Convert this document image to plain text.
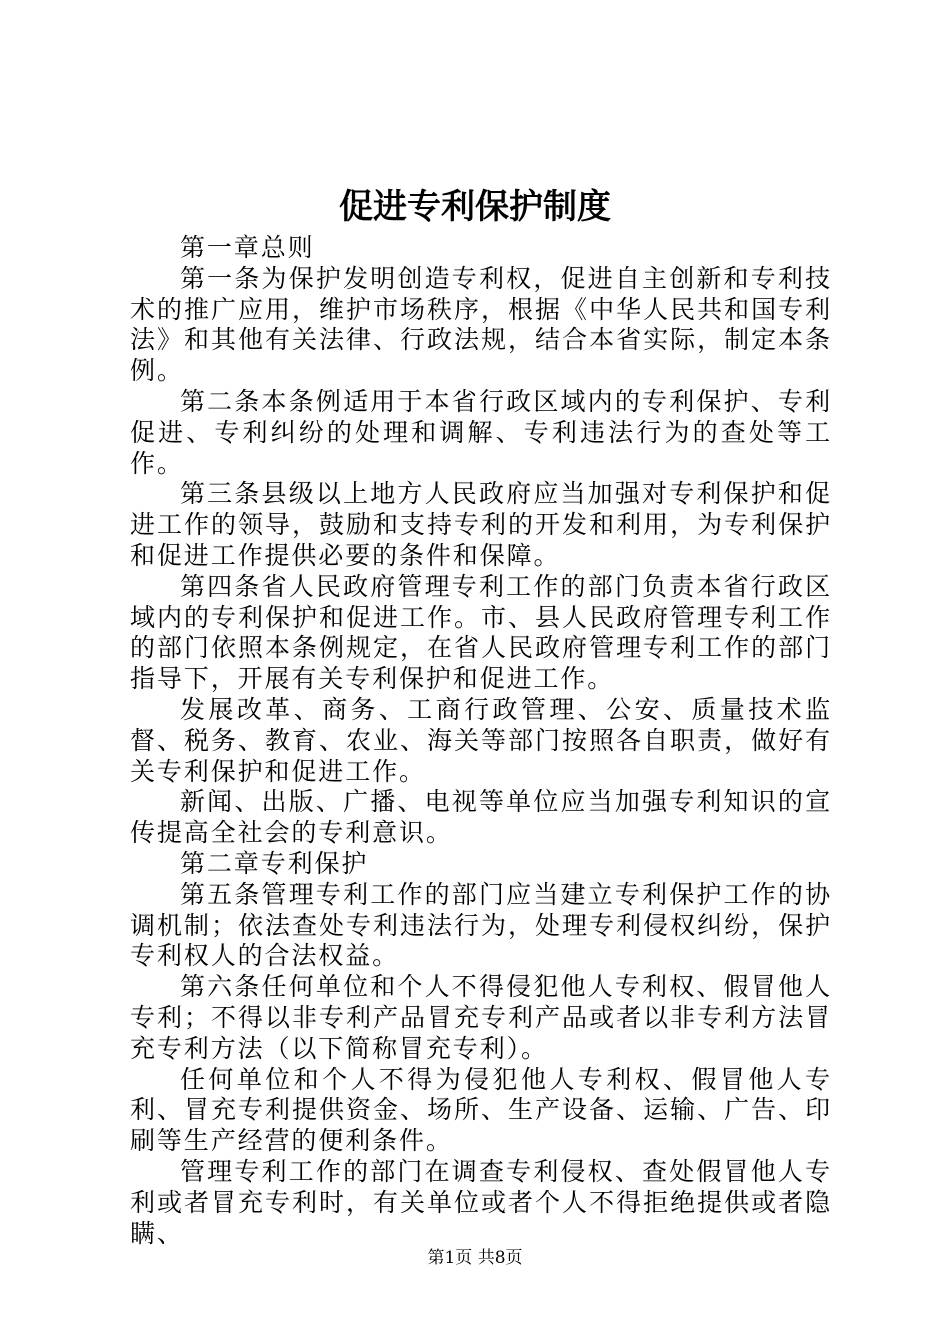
促进专利保护制度

第一章总则

第一条为保护发明创造专利权，促进自主创新和专利技术的推广应用，维护市场秩序，根据《中华人民共和国专利法》和其他有关法律、行政法规，结合本省实际，制定本条例。

第二条本条例适用于本省行政区域内的专利保护、专利促进、专利纠纷的处理和调解、专利违法行为的查处等工作。

第三条县级以上地方人民政府应当加强对专利保护和促进工作的领导，鼓励和支持专利的开发和利用，为专利保护和促进工作提供必要的条件和保障。

第四条省人民政府管理专利工作的部门负责本省行政区域内的专利保护和促进工作。市、县人民政府管理专利工作的部门依照本条例规定，在省人民政府管理专利工作的部门指导下，开展有关专利保护和促进工作。

发展改革、商务、工商行政管理、公安、质量技术监督、税务、教育、农业、海关等部门按照各自职责，做好有关专利保护和促进工作。

新闻、出版、广播、电视等单位应当加强专利知识的宣传提高全社会的专利意识。

第二章专利保护

第五条管理专利工作的部门应当建立专利保护工作的协调机制；依法查处专利违法行为，处理专利侵权纠纷，保护专利权人的合法权益。

第六条任何单位和个人不得侵犯他人专利权、假冒他人专利；不得以非专利产品冒充专利产品或者以非专利方法冒充专利方法（以下简称冒充专利）。

任何单位和个人不得为侵犯他人专利权、假冒他人专利、冒充专利提供资金、场所、生产设备、运输、广告、印刷等生产经营的便利条件。

管理专利工作的部门在调查专利侵权、查处假冒他人专利或者冒充专利时，有关单位或者个人不得拒绝提供或者隐瞒、

第1页 共8页
